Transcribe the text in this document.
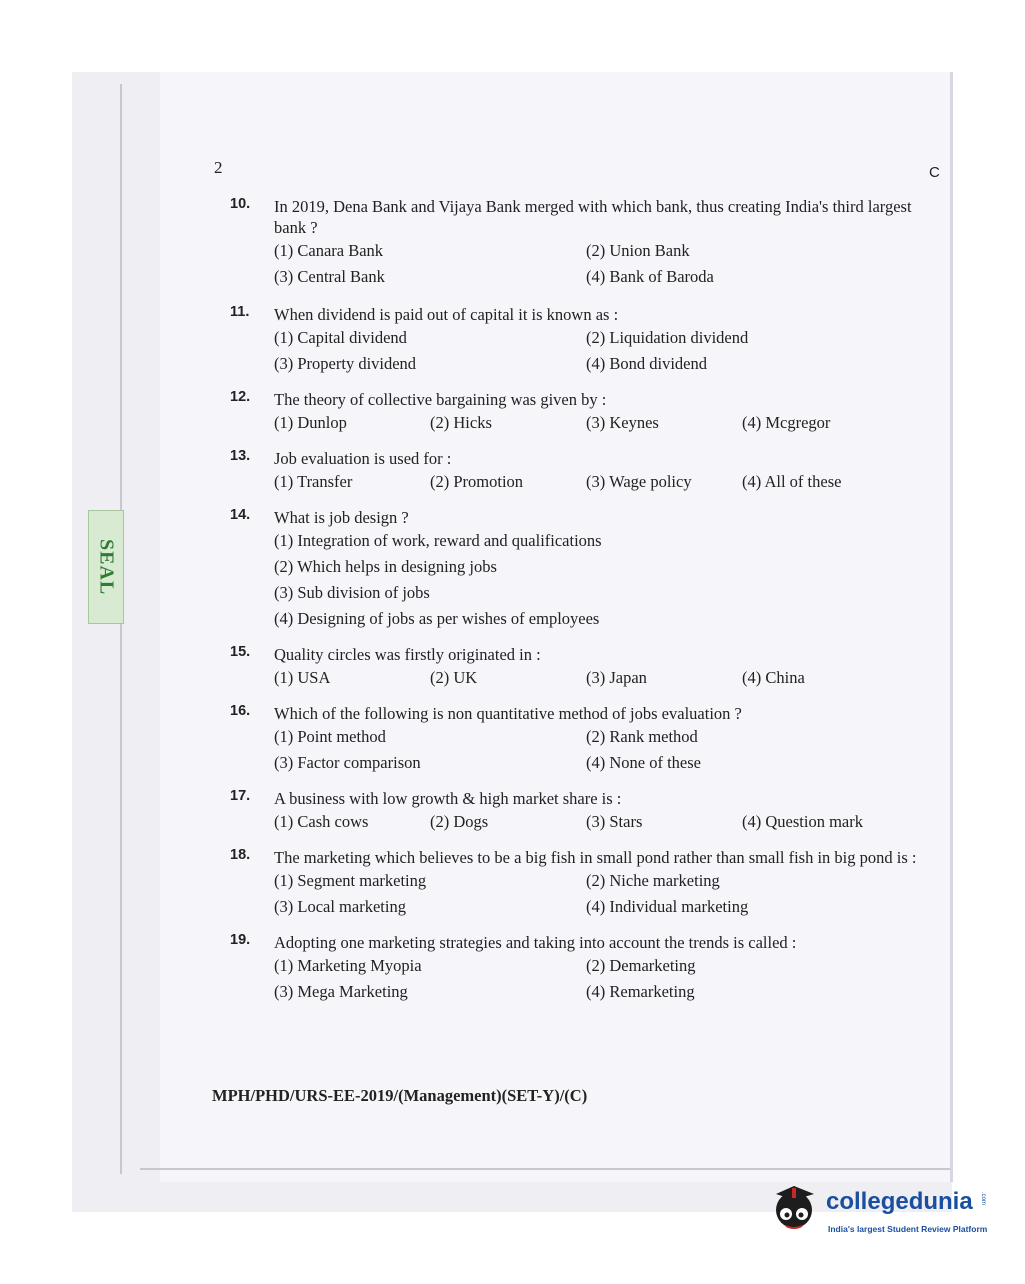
SEAL
2	C
10.	In 2019, Dena Bank and Vijaya Bank merged with which bank, thus creating India's third largest bank ?
(1) Canara Bank	(2) Union Bank
(3) Central Bank	(4) Bank of Baroda
11.	When dividend is paid out of capital it is known as :
(1) Capital dividend	(2) Liquidation dividend
(3) Property dividend	(4) Bond dividend
12.	The theory of collective bargaining was given by :
(1) Dunlop	(2) Hicks	(3) Keynes	(4) Mcgregor
13.	Job evaluation is used for :
(1) Transfer	(2) Promotion	(3) Wage policy	(4) All of these
14.	What is job design ?
(1) Integration of work, reward and qualifications
(2) Which helps in designing jobs
(3) Sub division of jobs
(4) Designing of jobs as per wishes of employees
15.	Quality circles was firstly originated in :
(1) USA	(2) UK	(3) Japan	(4) China
16.	Which of the following is non quantitative method of jobs evaluation ?
(1) Point method	(2) Rank method
(3) Factor comparison	(4) None of these
17.	A business with low growth & high market share is :
(1) Cash cows	(2) Dogs	(3) Stars	(4) Question mark
18.	The marketing which believes to be a big fish in small pond rather than small fish in big pond is :
(1) Segment marketing	(2) Niche marketing
(3) Local marketing	(4) Individual marketing
19.	Adopting one marketing strategies and taking into account the trends is called :
(1) Marketing Myopia	(2) Demarketing
(3) Mega Marketing	(4) Remarketing
MPH/PHD/URS-EE-2019/(Management)(SET-Y)/(C)
collegedunia .com
India's largest Student Review Platform
